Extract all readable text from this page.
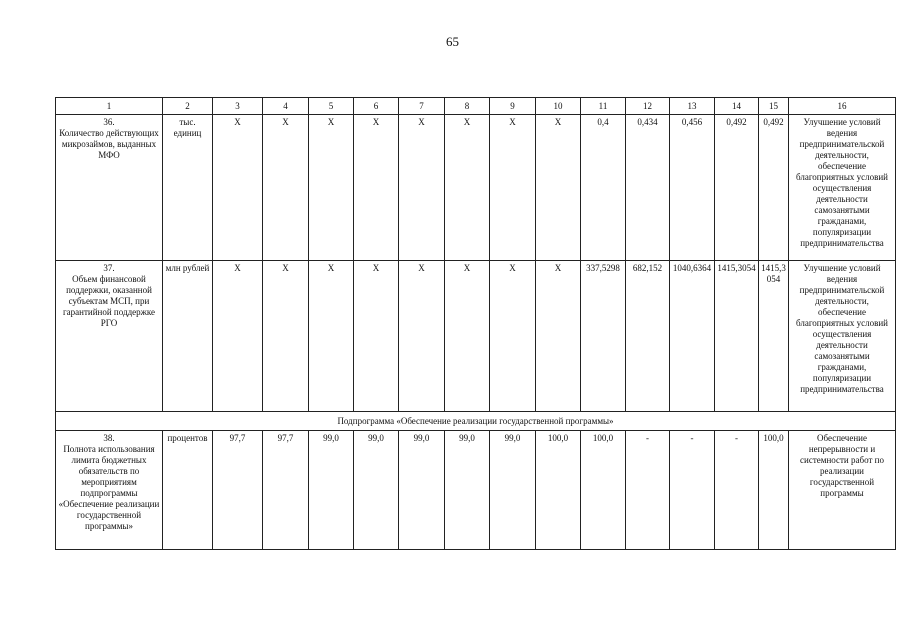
65
1	2	3	4	5	6	7	8	9	10	11	12	13	14	15	16
36.
Количество действующих микрозаймов, выданных МФО	тыс. единиц	X	X	X	X	X	X	X	X	0,4	0,434	0,456	0,492	0,492	Улучшение условий ведения предпринимательской деятельности, обеспечение благоприятных условий осуществления деятельности самозанятыми гражданами, популяризации предпринимательства
37.
Объем финансовой поддержки, оказанной субъектам МСП, при гарантийной поддержке РГО	млн рублей	X	X	X	X	X	X	X	X	337,5298	682,152	1040,6364	1415,3054	1415,3054	Улучшение условий ведения предпринимательской деятельности, обеспечение благоприятных условий осуществления деятельности самозанятыми гражданами, популяризации предпринимательства
Подпрограмма «Обеспечение реализации государственной программы»															
38.
Полнота использования лимита бюджетных обязательств по мероприятиям подпрограммы «Обеспечение реализации государственной программы»	процентов	97,7	97,7	99,0	99,0	99,0	99,0	99,0	100,0	100,0	-	-	-	100,0	Обеспечение непрерывности и системности работ по реализации государственной программы
